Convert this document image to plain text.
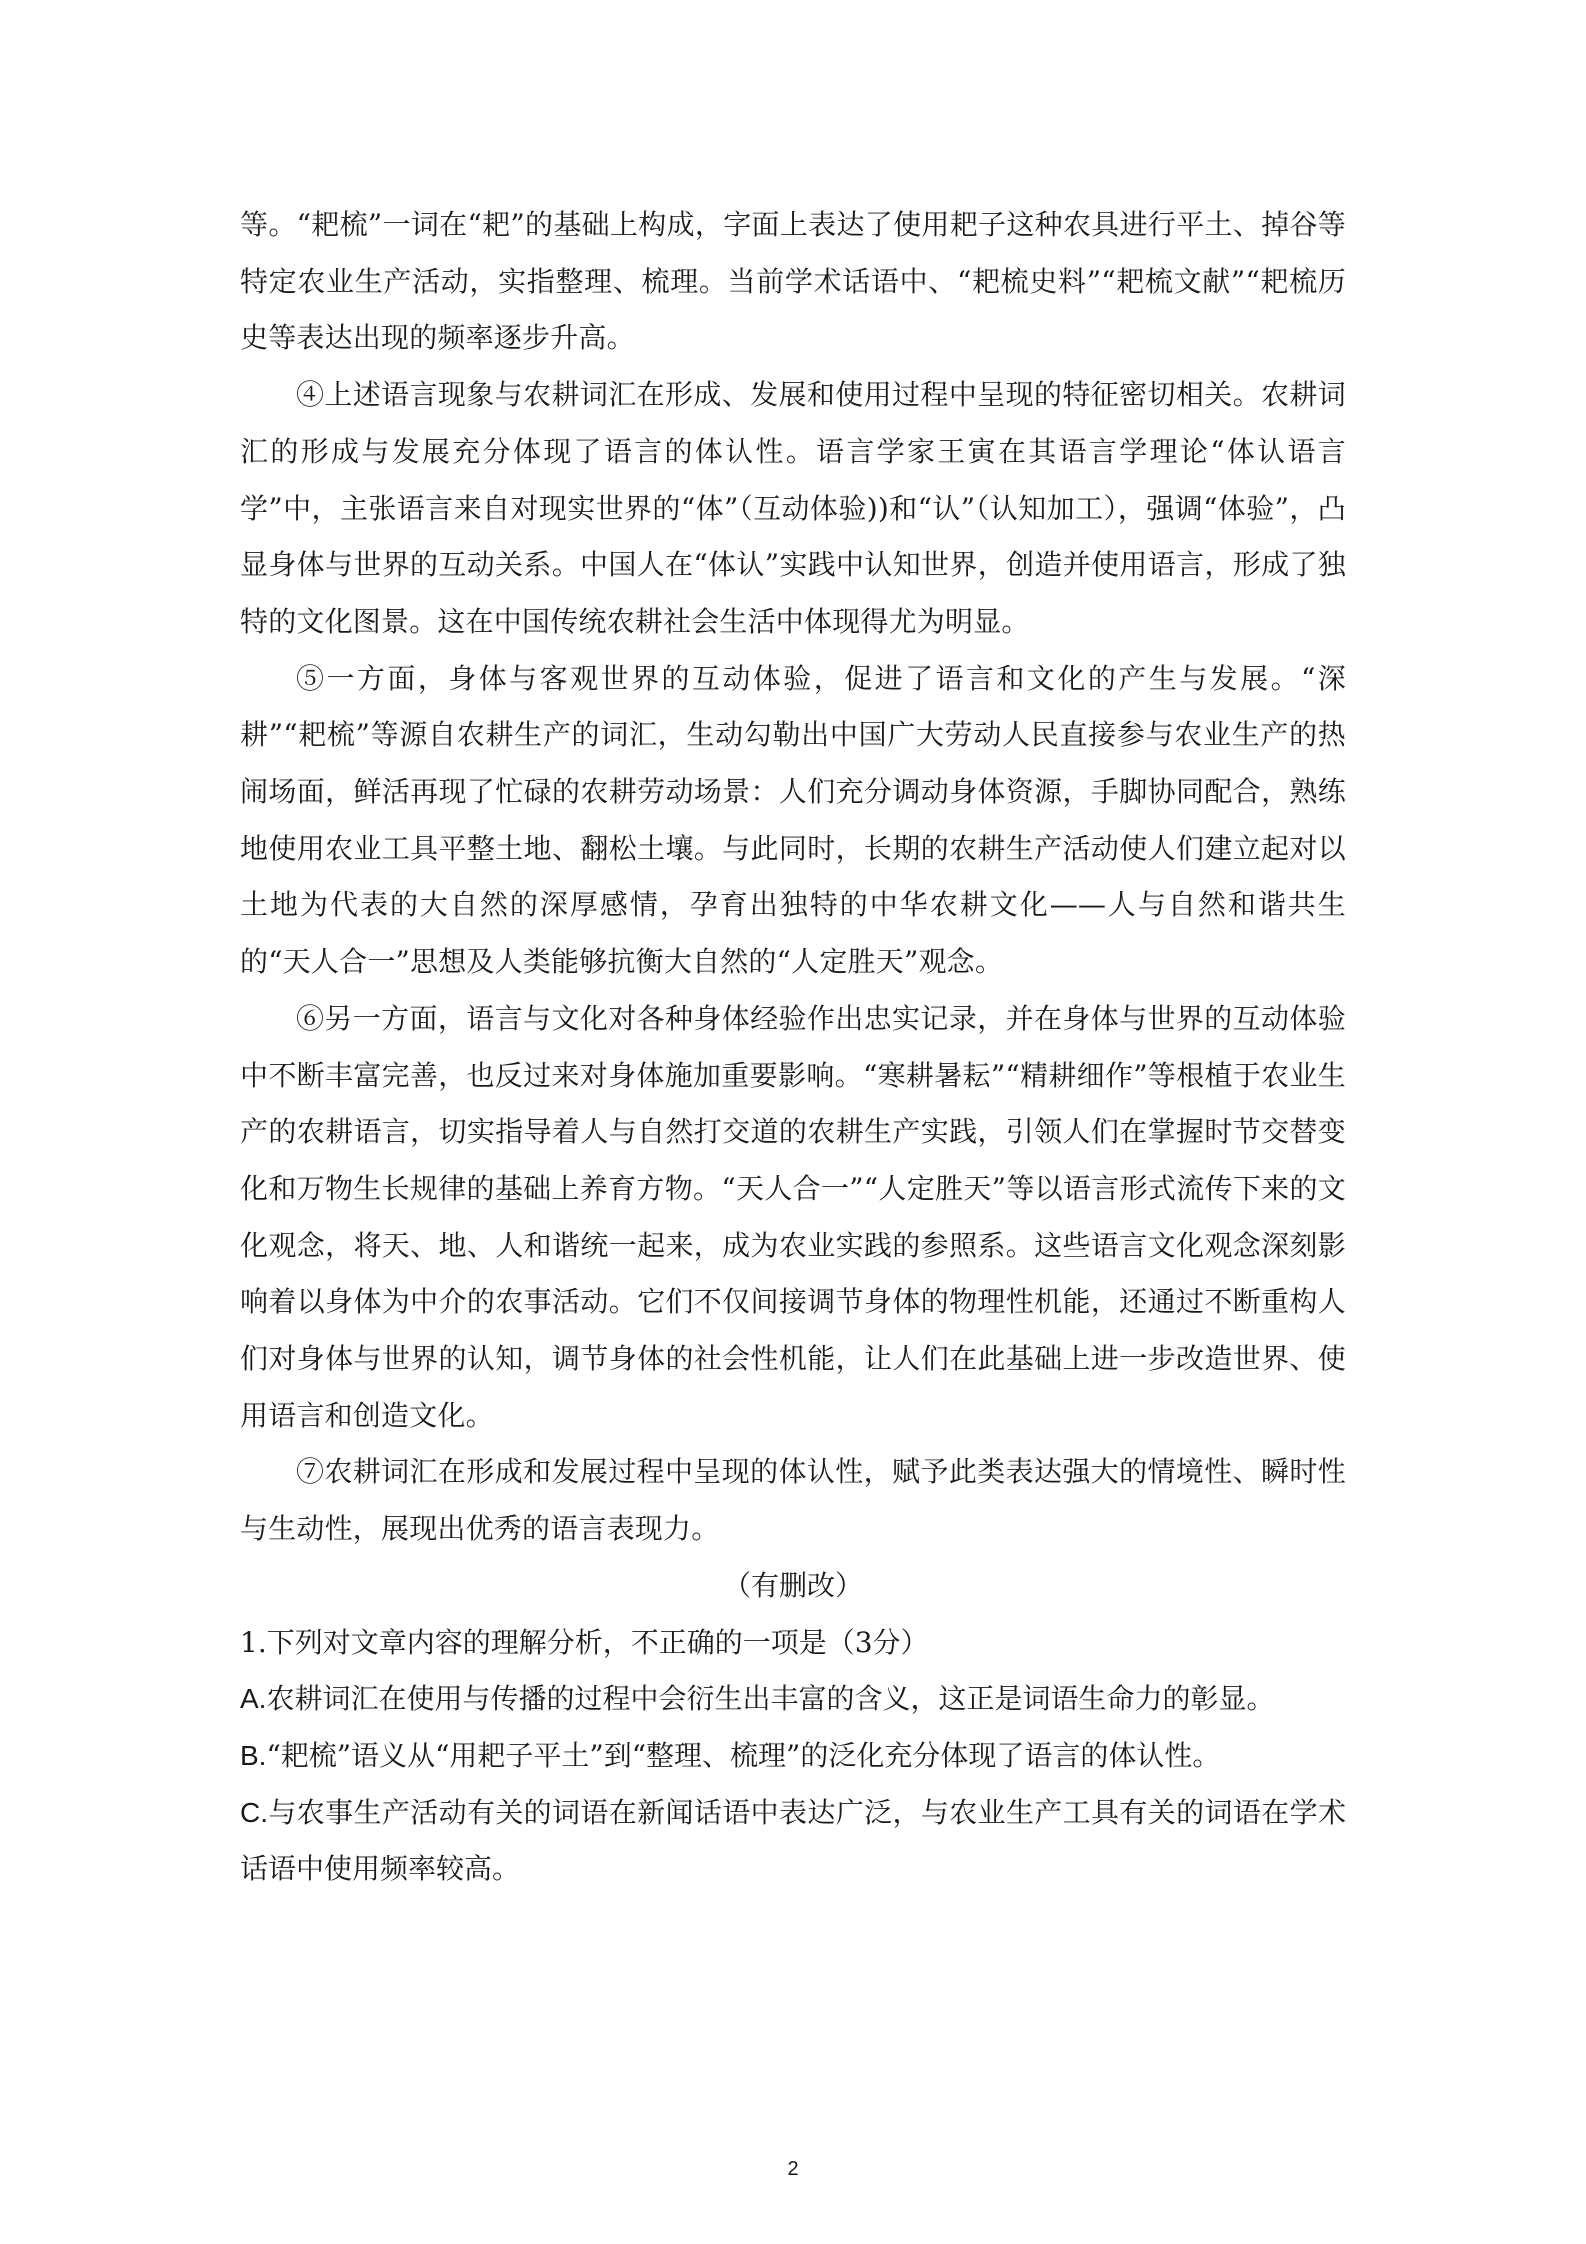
等。“耙梳”一词在“耙”的基础上构成，字面上表达了使用耙子这种农具进行平土、掉谷等特定农业生产活动，实指整理、梳理。当前学术话语中、“耙梳史料”“耙梳文献”“耙梳历史等表达出现的频率逐步升高。

④上述语言现象与农耕词汇在形成、发展和使用过程中呈现的特征密切相关。农耕词汇的形成与发展充分体现了语言的体认性。语言学家王寅在其语言学理论“体认语言学”中，主张语言来自对现实世界的“体”（互动体验))和“认”（认知加工），强调“体验”，凸显身体与世界的互动关系。中国人在“体认”实践中认知世界，创造并使用语言，形成了独特的文化图景。这在中国传统农耕社会生活中体现得尤为明显。

⑤一方面，身体与客观世界的互动体验，促进了语言和文化的产生与发展。“深耕”“耙梳”等源自农耕生产的词汇，生动勾勒出中国广大劳动人民直接参与农业生产的热闹场面，鲜活再现了忙碌的农耕劳动场景：人们充分调动身体资源，手脚协同配合，熟练地使用农业工具平整土地、翻松土壤。与此同时，长期的农耕生产活动使人们建立起对以土地为代表的大自然的深厚感情，孕育出独特的中华农耕文化——人与自然和谐共生的“天人合一”思想及人类能够抗衡大自然的“人定胜天”观念。

⑥另一方面，语言与文化对各种身体经验作出忠实记录，并在身体与世界的互动体验中不断丰富完善，也反过来对身体施加重要影响。“寒耕暑耘”“精耕细作”等根植于农业生产的农耕语言，切实指导着人与自然打交道的农耕生产实践，引领人们在掌握时节交替变化和万物生长规律的基础上养育方物。“天人合一”“人定胜天”等以语言形式流传下来的文化观念，将天、地、人和谐统一起来，成为农业实践的参照系。这些语言文化观念深刻影响着以身体为中介的农事活动。它们不仅间接调节身体的物理性机能，还通过不断重构人们对身体与世界的认知，调节身体的社会性机能，让人们在此基础上进一步改造世界、使用语言和创造文化。

⑦农耕词汇在形成和发展过程中呈现的体认性，赋予此类表达强大的情境性、瞬时性与生动性，展现出优秀的语言表现力。

（有删改）

1.下列对文章内容的理解分析，不正确的一项是（3分）

A.农耕词汇在使用与传播的过程中会衍生出丰富的含义，这正是词语生命力的彰显。

B.“耙梳”语义从“用耙子平土”到“整理、梳理”的泛化充分体现了语言的体认性。

C.与农事生产活动有关的词语在新闻话语中表达广泛，与农业生产工具有关的词语在学术话语中使用频率较高。

2
